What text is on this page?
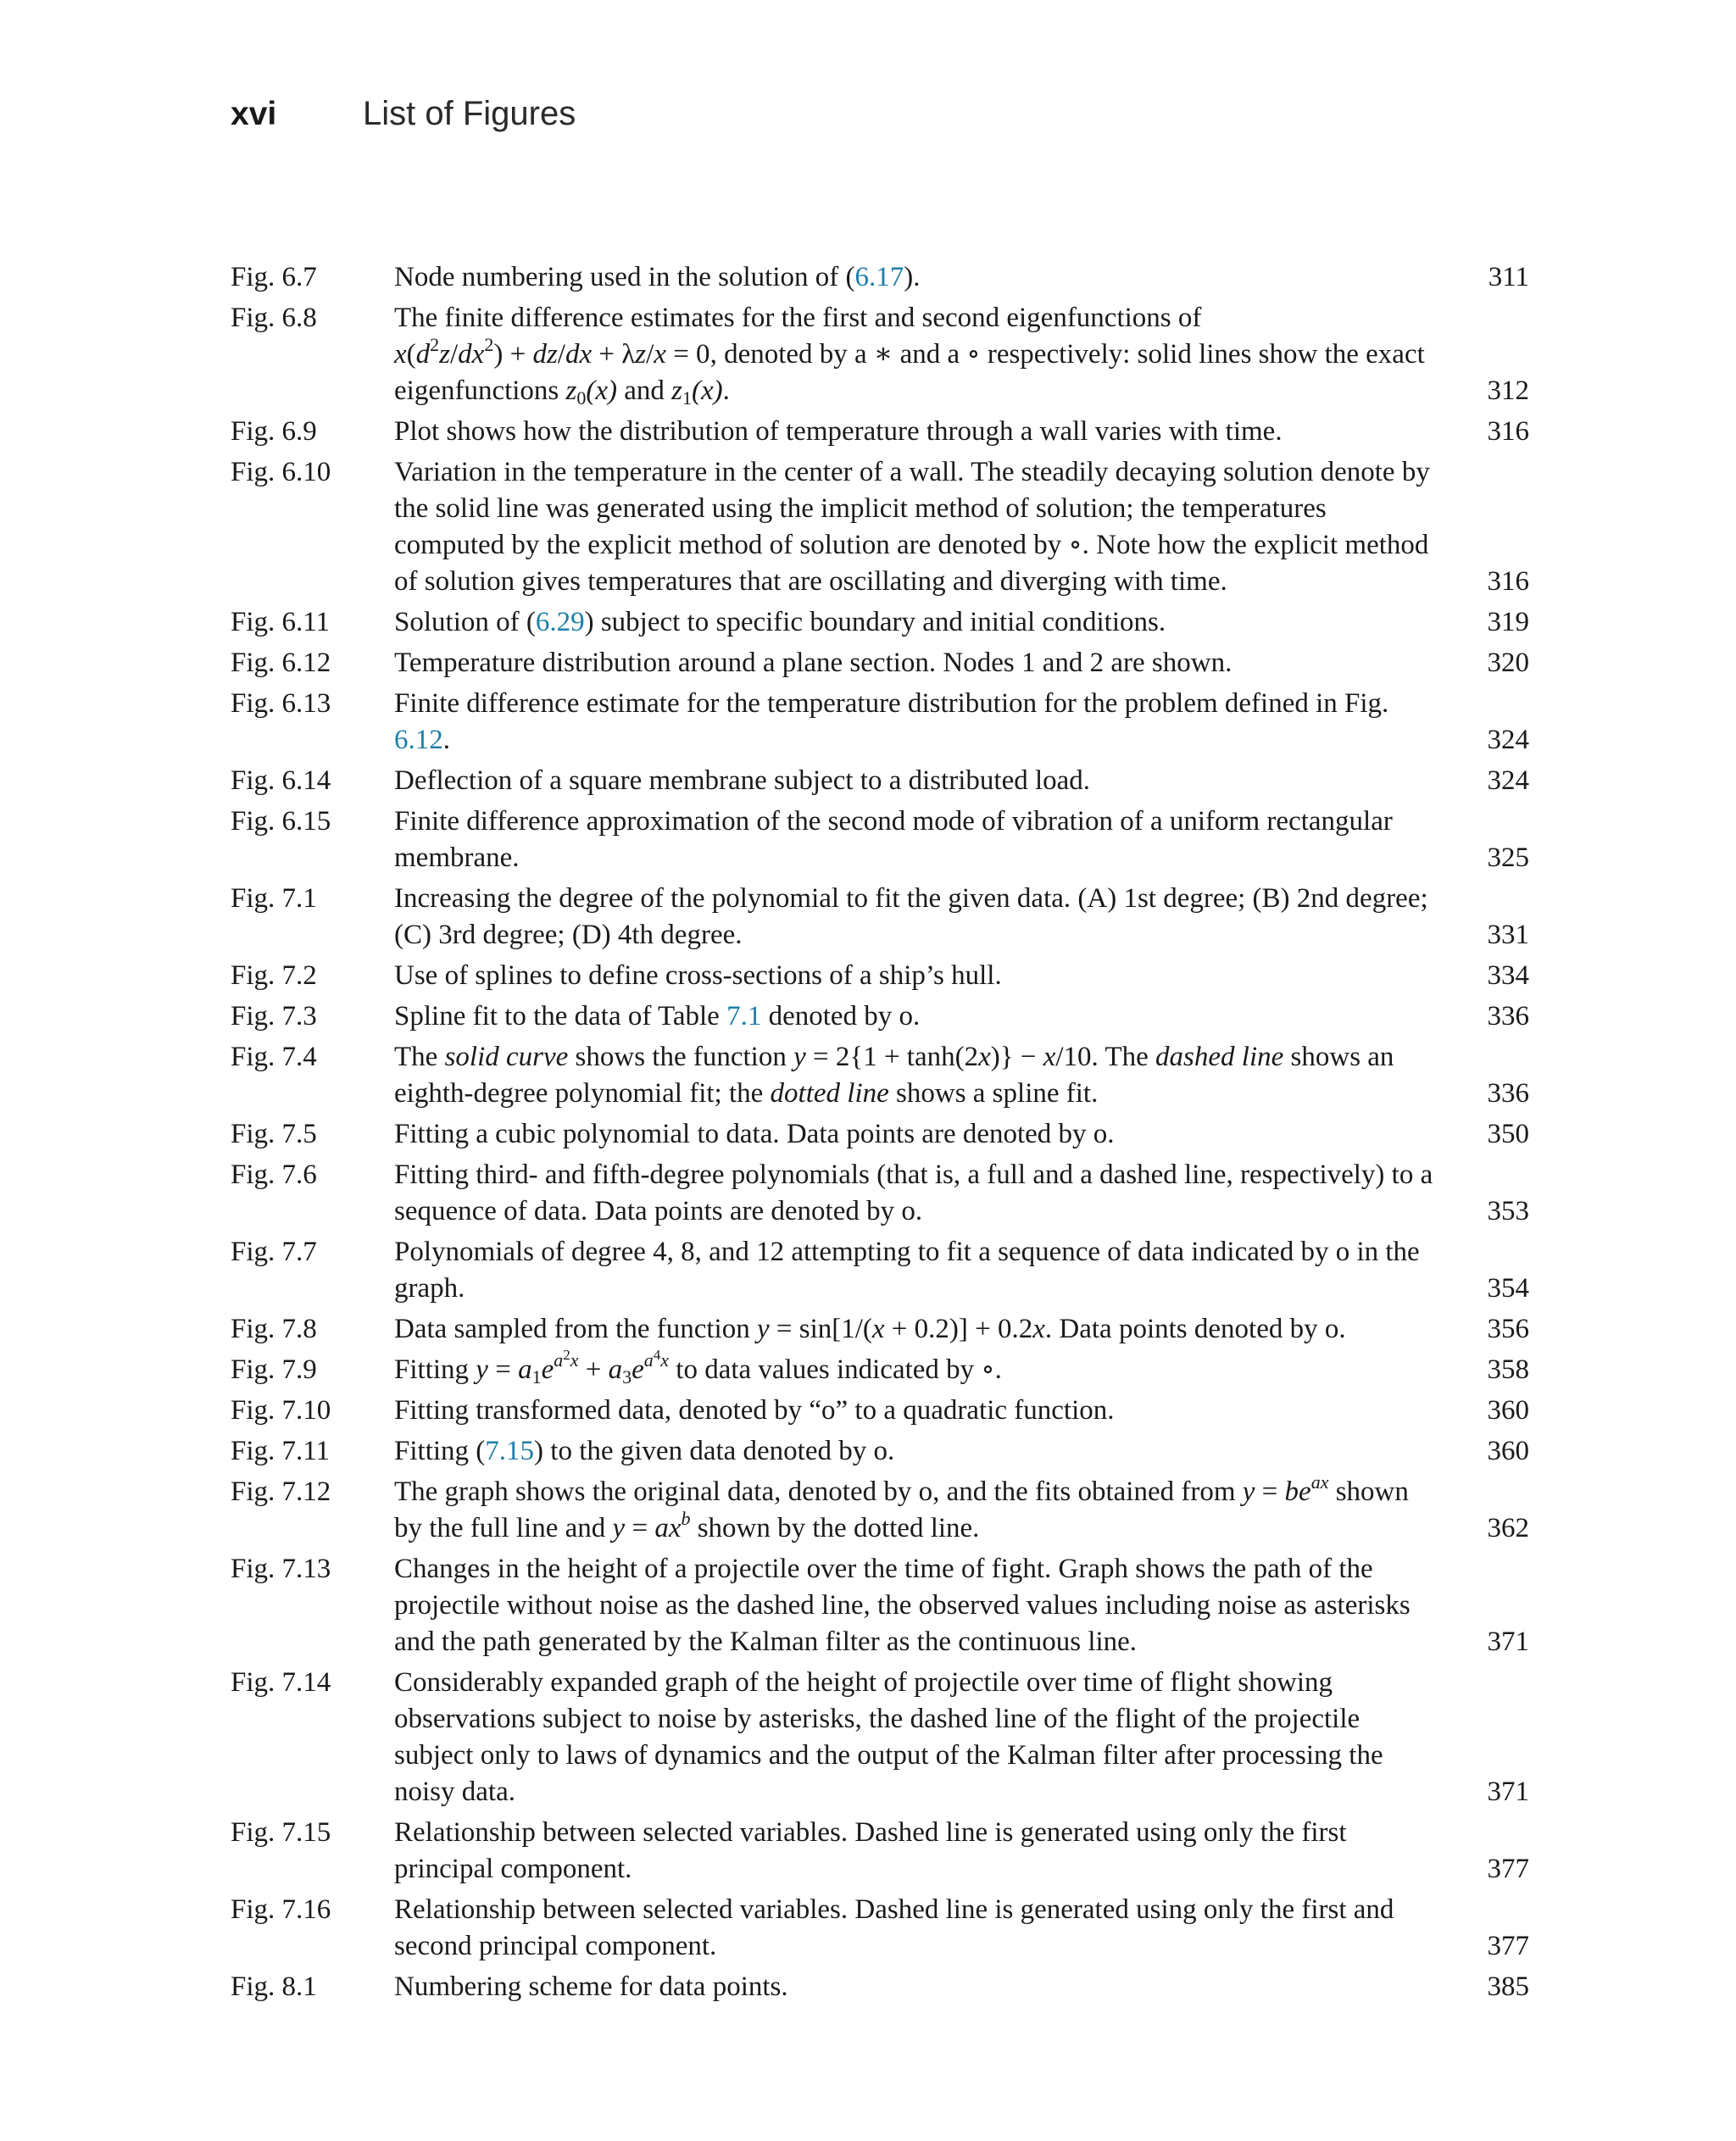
xvi	List of Figures
Fig. 6.7	Node numbering used in the solution of (6.17).	311
Fig. 6.8	The finite difference estimates for the first and second eigenfunctions of
$x(d^2z/dx^2) + dz/dx + \lambda z/x = 0$, denoted by a ∗ and a ∘ respectively: solid lines show the exact eigenfunctions $z_0(x)$ and $z_1(x)$.	312
Fig. 6.9	Plot shows how the distribution of temperature through a wall varies with time.	316
Fig. 6.10	Variation in the temperature in the center of a wall. The steadily decaying solution denote by the solid line was generated using the implicit method of solution; the temperatures computed by the explicit method of solution are denoted by ∘. Note how the explicit method of solution gives temperatures that are oscillating and diverging with time.	316
Fig. 6.11	Solution of (6.29) subject to specific boundary and initial conditions.	319
Fig. 6.12	Temperature distribution around a plane section. Nodes 1 and 2 are shown.	320
Fig. 6.13	Finite difference estimate for the temperature distribution for the problem defined in Fig. 6.12.	324
Fig. 6.14	Deflection of a square membrane subject to a distributed load.	324
Fig. 6.15	Finite difference approximation of the second mode of vibration of a uniform rectangular membrane.	325
Fig. 7.1	Increasing the degree of the polynomial to fit the given data. (A) 1st degree; (B) 2nd degree; (C) 3rd degree; (D) 4th degree.	331
Fig. 7.2	Use of splines to define cross-sections of a ship’s hull.	334
Fig. 7.3	Spline fit to the data of Table 7.1 denoted by o.	336
Fig. 7.4	The solid curve shows the function y = 2{1 + tanh(2x)} − x/10. The dashed line shows an eighth-degree polynomial fit; the dotted line shows a spline fit.	336
Fig. 7.5	Fitting a cubic polynomial to data. Data points are denoted by o.	350
Fig. 7.6	Fitting third- and fifth-degree polynomials (that is, a full and a dashed line, respectively) to a sequence of data. Data points are denoted by o.	353
Fig. 7.7	Polynomials of degree 4, 8, and 12 attempting to fit a sequence of data indicated by o in the graph.	354
Fig. 7.8	Data sampled from the function y = sin[1/(x + 0.2)] + 0.2x. Data points denoted by o.	356
Fig. 7.9	Fitting $y = a_1e^{a^2x} + a_3e^{a^4x}$ to data values indicated by ∘.	358
Fig. 7.10	Fitting transformed data, denoted by “o” to a quadratic function.	360
Fig. 7.11	Fitting (7.15) to the given data denoted by o.	360
Fig. 7.12	The graph shows the original data, denoted by o, and the fits obtained from $y = be^{ax}$ shown by the full line and $y = ax^b$ shown by the dotted line.	362
Fig. 7.13	Changes in the height of a projectile over the time of fight. Graph shows the path of the projectile without noise as the dashed line, the observed values including noise as asterisks and the path generated by the Kalman filter as the continuous line.	371
Fig. 7.14	Considerably expanded graph of the height of projectile over time of flight showing observations subject to noise by asterisks, the dashed line of the flight of the projectile subject only to laws of dynamics and the output of the Kalman filter after processing the noisy data.	371
Fig. 7.15	Relationship between selected variables. Dashed line is generated using only the first principal component.	377
Fig. 7.16	Relationship between selected variables. Dashed line is generated using only the first and second principal component.	377
Fig. 8.1	Numbering scheme for data points.	385
